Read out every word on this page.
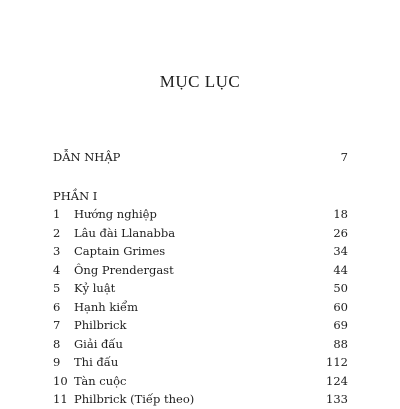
MỤC LỤC
DẪN NHẬP	7
PHẦN I
1 Hướng nghiệp	18
2 Lâu đài Llanabba	26
3 Captain Grimes	34
4 Ông Prendergast	44
5 Kỷ luật	50
6 Hạnh kiểm	60
7 Philbrick	69
8 Giải đấu	88
9 Thi đấu	112
10 Tàn cuộc	124
11 Philbrick (Tiếp theo)	133
